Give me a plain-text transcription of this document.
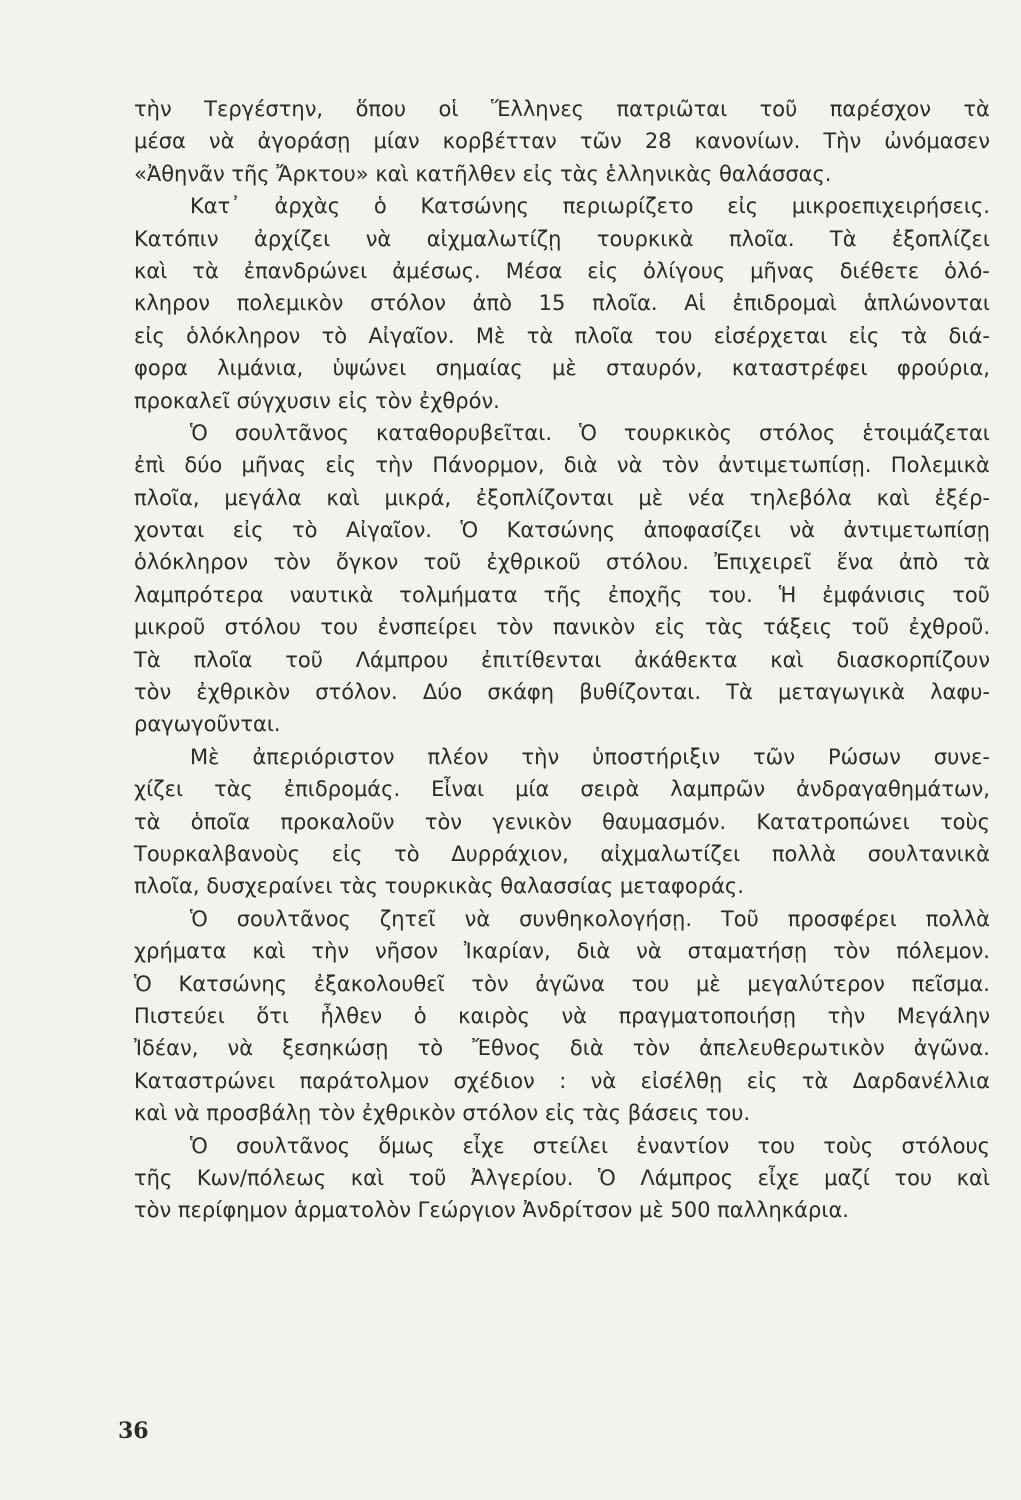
τὴν Τεργέστην, ὅπου οἱ Ἕλληνες πατριῶται τοῦ παρέσχον τὰ
μέσα νὰ ἀγοράσῃ μίαν κορβέτταν τῶν 28 κανονίων. Τὴν ὠνόμασεν
«Ἀθηνᾶν τῆς Ἄρκτου» καὶ κατῆλθεν εἰς τὰς ἑλληνικὰς θαλάσσας.
Κατ᾽ ἀρχὰς ὁ Κατσώνης περιωρίζετο εἰς μικροεπιχειρήσεις.
Κατόπιν ἀρχίζει νὰ αἰχμαλωτίζῃ τουρκικὰ πλοῖα. Τὰ ἐξοπλίζει
καὶ τὰ ἐπανδρώνει ἀμέσως. Μέσα εἰς ὀλίγους μῆνας διέθετε ὁλό-
κληρον πολεμικὸν στόλον ἀπὸ 15 πλοῖα. Αἱ ἐπιδρομαὶ ἁπλώνονται
εἰς ὁλόκληρον τὸ Αἰγαῖον. Μὲ τὰ πλοῖα του εἰσέρχεται εἰς τὰ διά-
φορα λιμάνια, ὑψώνει σημαίας μὲ σταυρόν, καταστρέφει φρούρια,
προκαλεῖ σύγχυσιν εἰς τὸν ἐχθρόν.
Ὁ σουλτᾶνος καταθορυβεῖται. Ὁ τουρκικὸς στόλος ἑτοιμάζεται
ἐπὶ δύο μῆνας εἰς τὴν Πάνορμον, διὰ νὰ τὸν ἀντιμετωπίσῃ. Πολεμικὰ
πλοῖα, μεγάλα καὶ μικρά, ἐξοπλίζονται μὲ νέα τηλεβόλα καὶ ἐξέρ-
χονται εἰς τὸ Αἰγαῖον. Ὁ Κατσώνης ἀποφασίζει νὰ ἀντιμετωπίσῃ
ὁλόκληρον τὸν ὄγκον τοῦ ἐχθρικοῦ στόλου. Ἐπιχειρεῖ ἕνα ἀπὸ τὰ
λαμπρότερα ναυτικὰ τολμήματα τῆς ἐποχῆς του. Ἡ ἐμφάνισις τοῦ
μικροῦ στόλου του ἐνσπείρει τὸν πανικὸν εἰς τὰς τάξεις τοῦ ἐχθροῦ.
Τὰ πλοῖα τοῦ Λάμπρου ἐπιτίθενται ἀκάθεκτα καὶ διασκορπίζουν
τὸν ἐχθρικὸν στόλον. Δύο σκάφη βυθίζονται. Τὰ μεταγωγικὰ λαφυ-
ραγωγοῦνται.
Μὲ ἀπεριόριστον πλέον τὴν ὑποστήριξιν τῶν Ρώσων συνε-
χίζει τὰς ἐπιδρομάς. Εἶναι μία σειρὰ λαμπρῶν ἀνδραγαθημάτων,
τὰ ὁποῖα προκαλοῦν τὸν γενικὸν θαυμασμόν. Κατατροπώνει τοὺς
Τουρκαλβανοὺς εἰς τὸ Δυρράχιον, αἰχμαλωτίζει πολλὰ σουλτανικὰ
πλοῖα, δυσχεραίνει τὰς τουρκικὰς θαλασσίας μεταφοράς.
Ὁ σουλτᾶνος ζητεῖ νὰ συνθηκολογήσῃ. Τοῦ προσφέρει πολλὰ
χρήματα καὶ τὴν νῆσον Ἰκαρίαν, διὰ νὰ σταματήσῃ τὸν πόλεμον.
Ὁ Κατσώνης ἐξακολουθεῖ τὸν ἀγῶνα του μὲ μεγαλύτερον πεῖσμα.
Πιστεύει ὅτι ἦλθεν ὁ καιρὸς νὰ πραγματοποιήσῃ τὴν Μεγάλην
Ἰδέαν, νὰ ξεσηκώσῃ τὸ Ἔθνος διὰ τὸν ἀπελευθερωτικὸν ἀγῶνα.
Καταστρώνει παράτολμον σχέδιον : νὰ εἰσέλθῃ εἰς τὰ Δαρδανέλλια
καὶ νὰ προσβάλῃ τὸν ἐχθρικὸν στόλον εἰς τὰς βάσεις του.
Ὁ σουλτᾶνος ὅμως εἶχε στείλει ἐναντίον του τοὺς στόλους
τῆς Κων/πόλεως καὶ τοῦ Ἀλγερίου. Ὁ Λάμπρος εἶχε μαζί του καὶ
τὸν περίφημον ἁρματολὸν Γεώργιον Ἀνδρίτσον μὲ 500 παλληκάρια.
36
